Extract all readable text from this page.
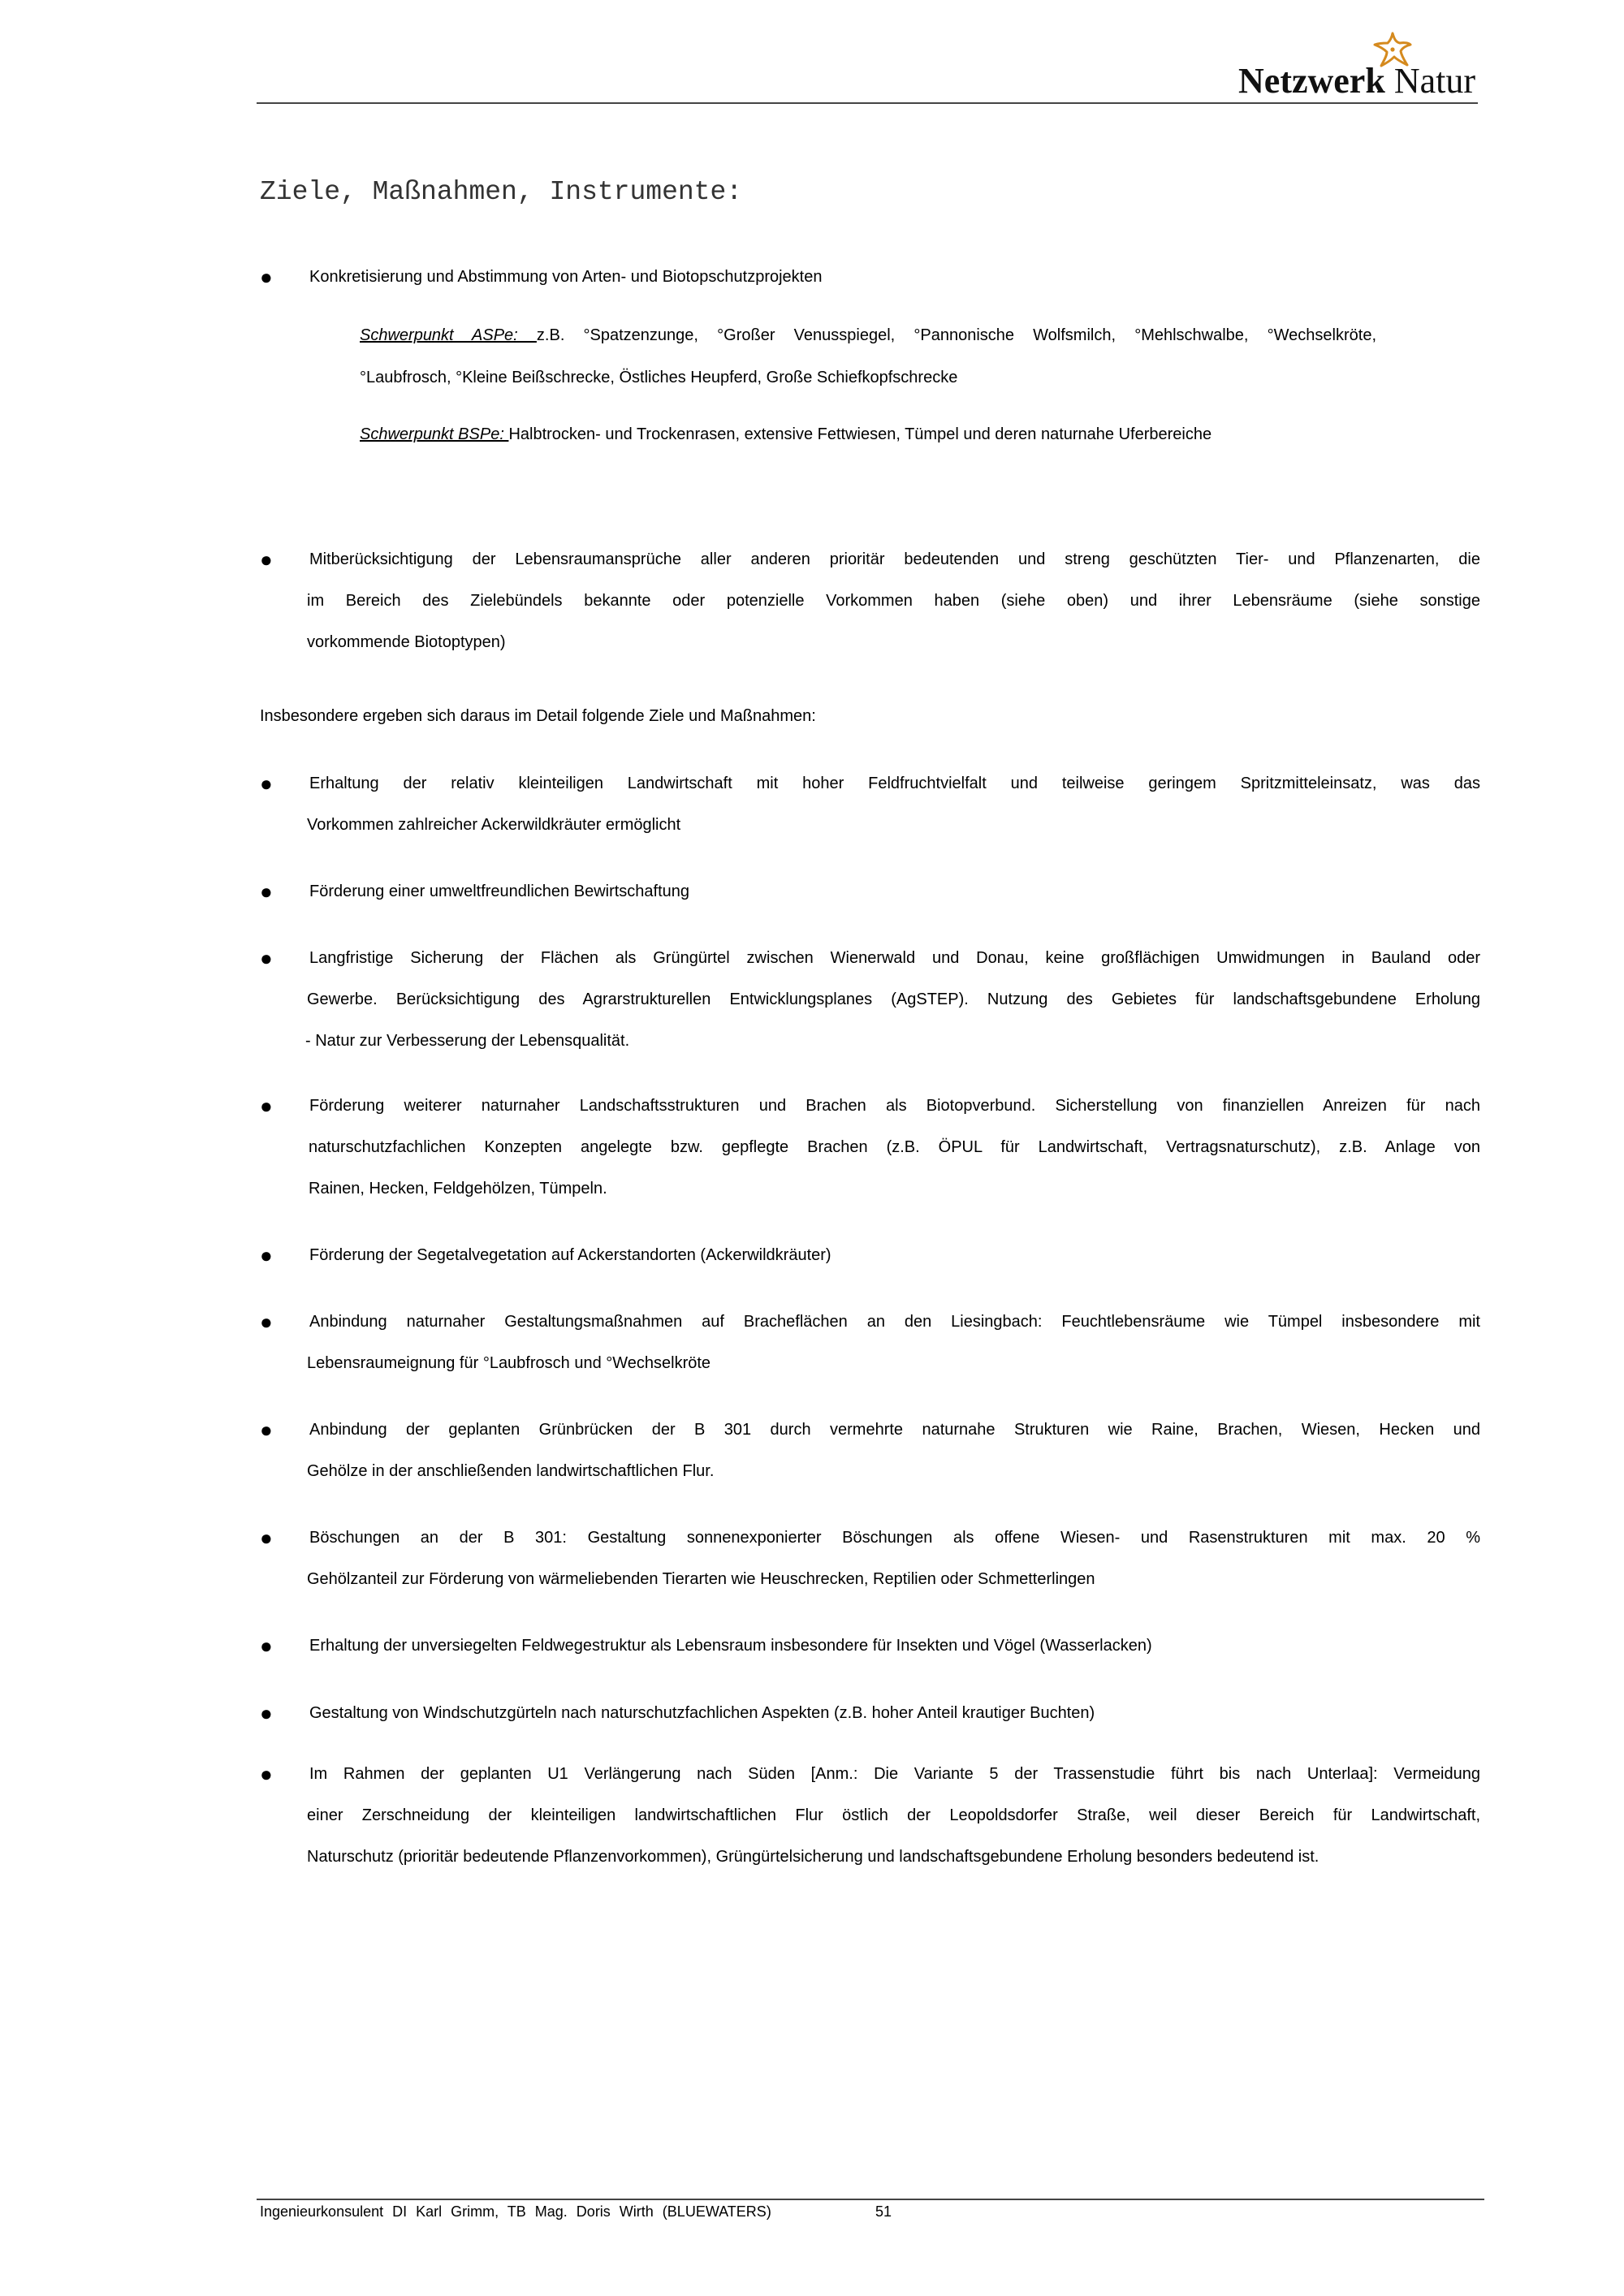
Netzwerk Natur
Ziele, Maßnahmen, Instrumente:
● Konkretisierung und Abstimmung von Arten- und Biotopschutzprojekten
Schwerpunkt ASPe: z.B. °Spatzenzunge, °Großer Venusspiegel, °Pannonische Wolfsmilch, °Mehlschwalbe, °Wechselkröte,
°Laubfrosch, °Kleine Beißschrecke, Östliches Heupferd, Große Schiefkopfschrecke
Schwerpunkt BSPe: Halbtrocken- und Trockenrasen, extensive Fettwiesen, Tümpel und deren naturnahe Uferbereiche
● Mitberücksichtigung der Lebensraumansprüche aller anderen prioritär bedeutenden und streng geschützten Tier- und Pflanzenarten, die
im Bereich des Zielebündels bekannte oder potenzielle Vorkommen haben (siehe oben) und ihrer Lebensräume (siehe sonstige
vorkommende Biotoptypen)
Insbesondere ergeben sich daraus im Detail folgende Ziele und Maßnahmen:
● Erhaltung der relativ kleinteiligen Landwirtschaft mit hoher Feldfruchtvielfalt und teilweise geringem Spritzmitteleinsatz, was das
Vorkommen zahlreicher Ackerwildkräuter ermöglicht
● Förderung einer umweltfreundlichen Bewirtschaftung
● Langfristige Sicherung der Flächen als Grüngürtel zwischen Wienerwald und Donau, keine großflächigen Umwidmungen in Bauland oder
Gewerbe. Berücksichtigung des Agrarstrukturellen Entwicklungsplanes (AgSTEP). Nutzung des Gebietes für landschaftsgebundene Erholung
- Natur zur Verbesserung der Lebensqualität.
● Förderung weiterer naturnaher Landschaftsstrukturen und Brachen als Biotopverbund. Sicherstellung von finanziellen Anreizen für nach
naturschutzfachlichen Konzepten angelegte bzw. gepflegte Brachen (z.B. ÖPUL für Landwirtschaft, Vertragsnaturschutz), z.B. Anlage von
Rainen, Hecken, Feldgehölzen, Tümpeln.
● Förderung der Segetalvegetation auf Ackerstandorten (Ackerwildkräuter)
● Anbindung naturnaher Gestaltungsmaßnahmen auf Bracheflächen an den Liesingbach: Feuchtlebensräume wie Tümpel insbesondere mit
Lebensraumeignung für °Laubfrosch und °Wechselkröte
● Anbindung der geplanten Grünbrücken der B 301 durch vermehrte naturnahe Strukturen wie Raine, Brachen, Wiesen, Hecken und
Gehölze in der anschließenden landwirtschaftlichen Flur.
● Böschungen an der B 301: Gestaltung sonnenexponierter Böschungen als offene Wiesen- und Rasenstrukturen mit max. 20 %
Gehölzanteil zur Förderung von wärmeliebenden Tierarten wie Heuschrecken, Reptilien oder Schmetterlingen
● Erhaltung der unversiegelten Feldwegestruktur als Lebensraum insbesondere für Insekten und Vögel (Wasserlacken)
● Gestaltung von Windschutzgürteln nach naturschutzfachlichen Aspekten (z.B. hoher Anteil krautiger Buchten)
● Im Rahmen der geplanten U1 Verlängerung nach Süden [Anm.: Die Variante 5 der Trassenstudie führt bis nach Unterlaa]: Vermeidung
einer Zerschneidung der kleinteiligen landwirtschaftlichen Flur östlich der Leopoldsdorfer Straße, weil dieser Bereich für Landwirtschaft,
Naturschutz (prioritär bedeutende Pflanzenvorkommen), Grüngürtelsicherung und landschaftsgebundene Erholung besonders bedeutend ist.
Ingenieurkonsulent DI Karl Grimm, TB Mag. Doris Wirth (BLUEWATERS)	51
